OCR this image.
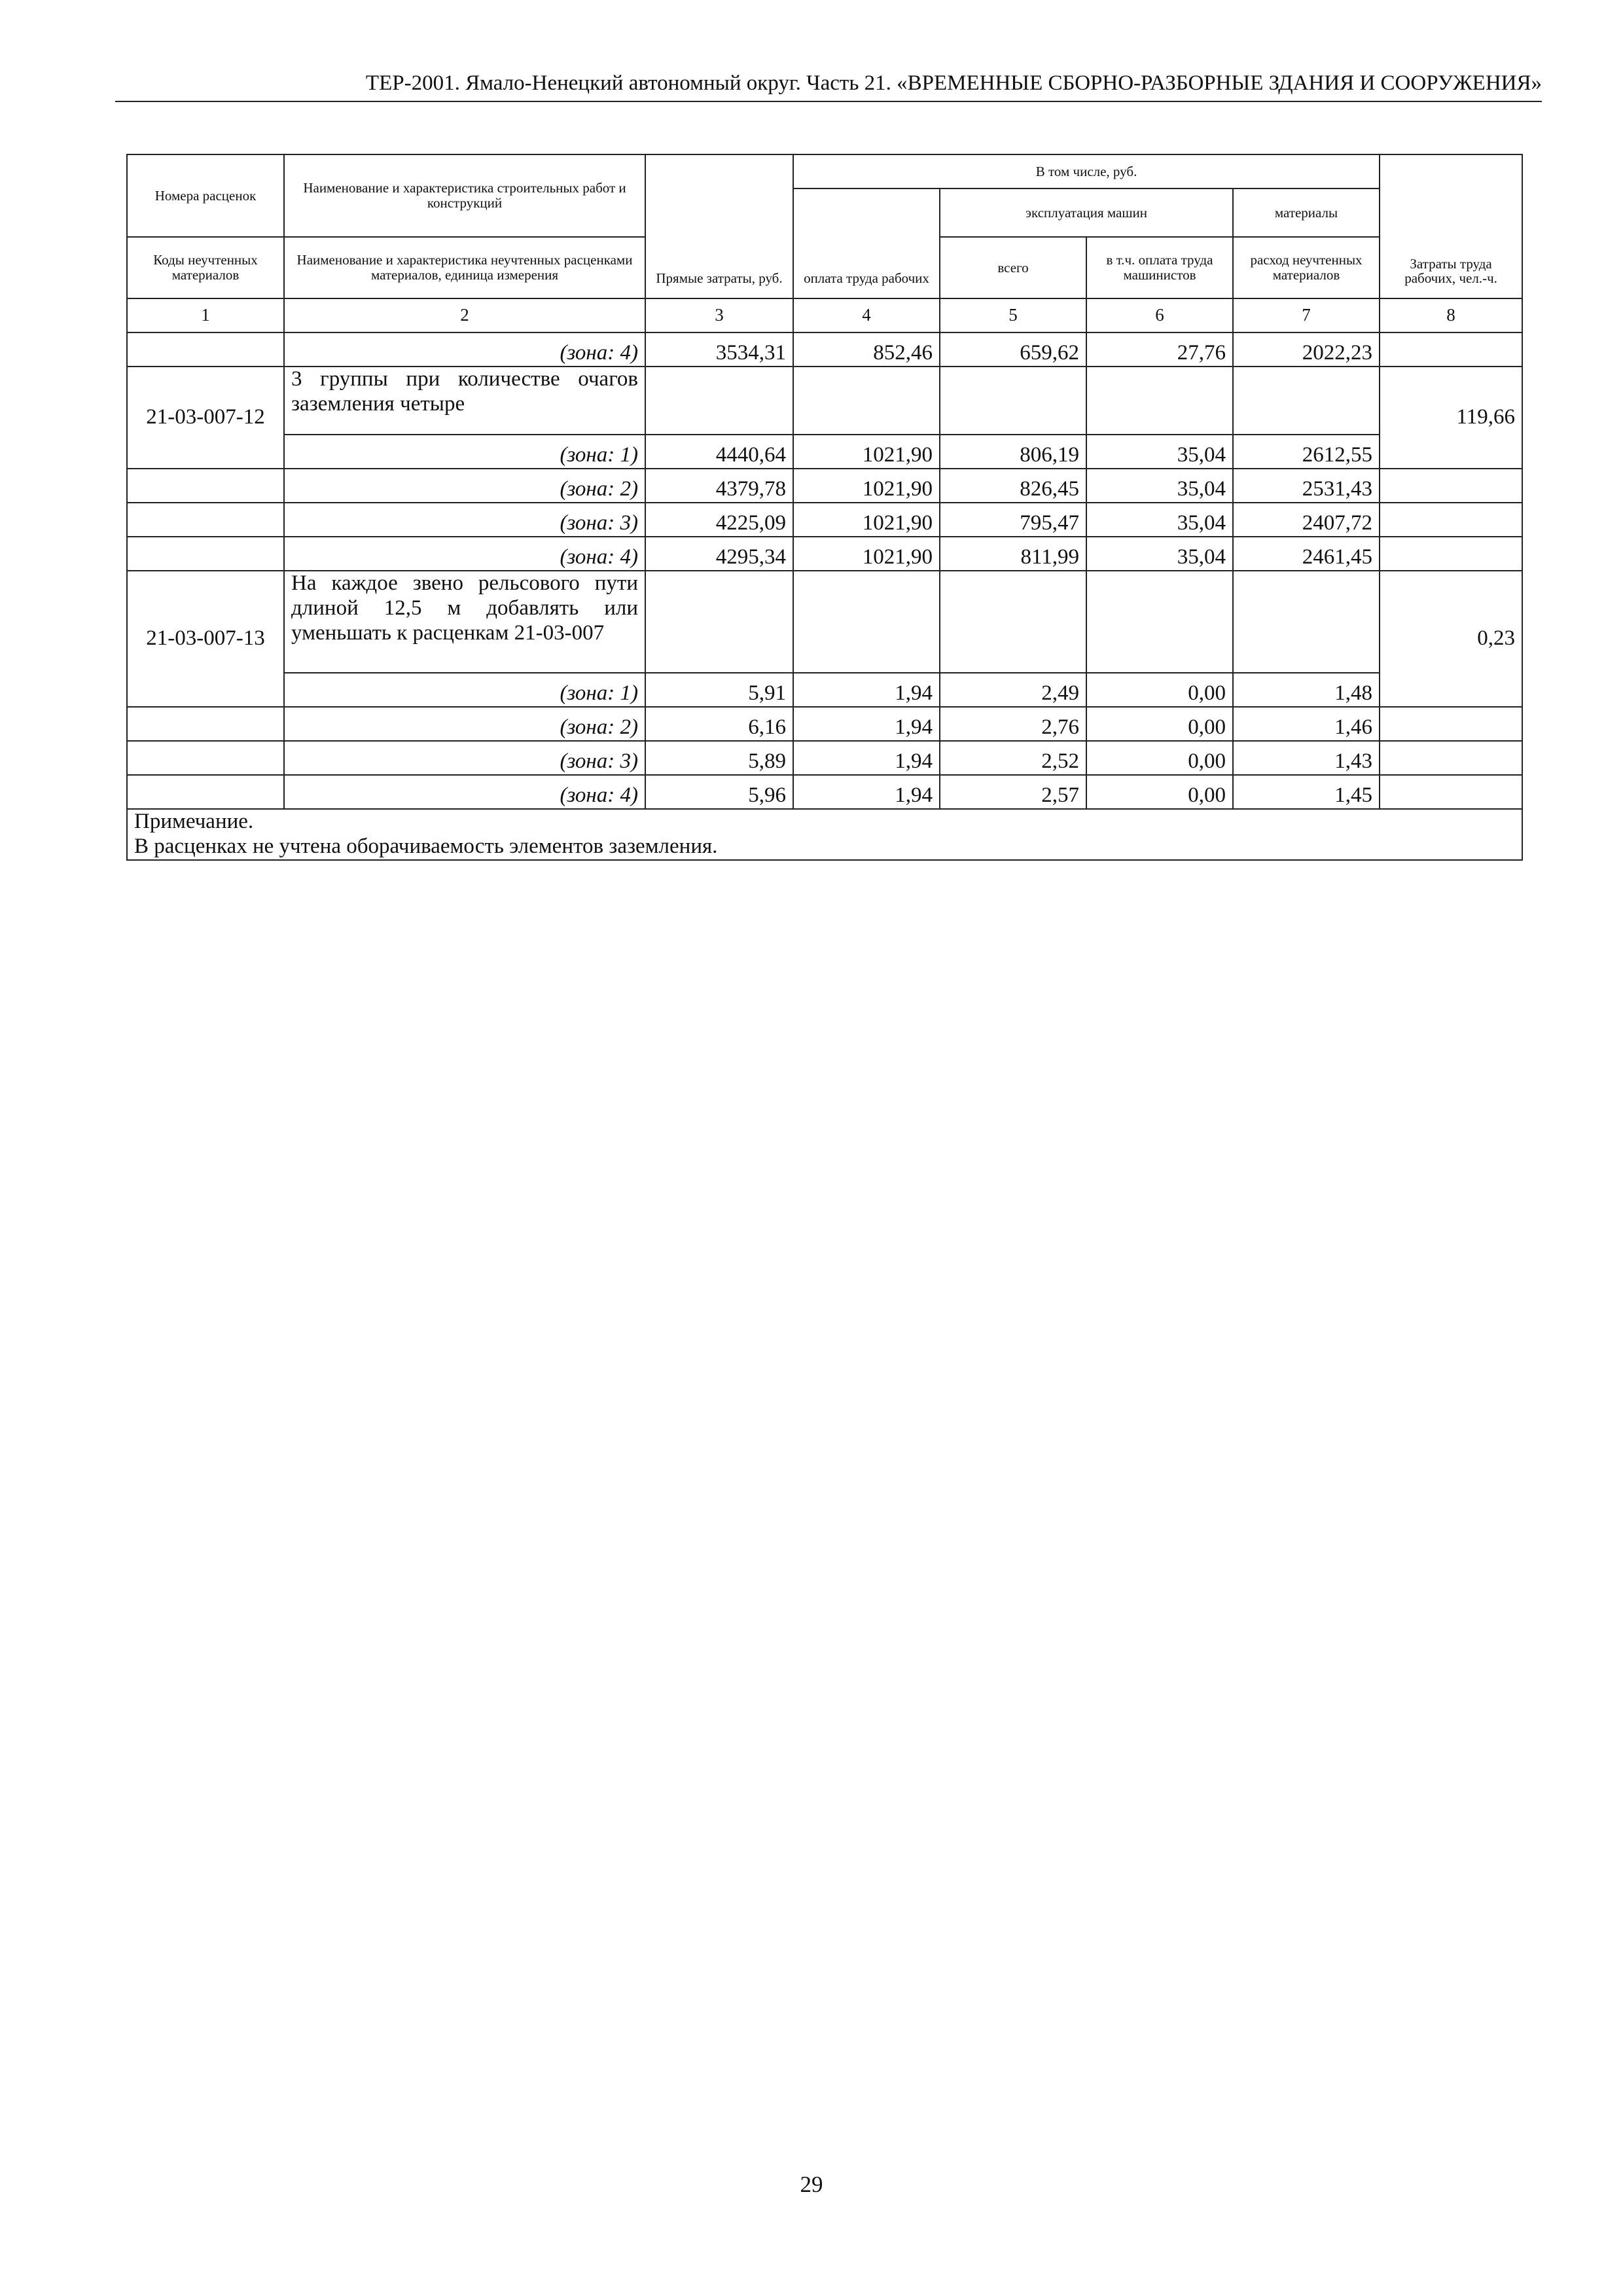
ТЕР-2001. Ямало-Ненецкий автономный округ. Часть 21. «ВРЕМЕННЫЕ СБОРНО-РАЗБОРНЫЕ ЗДАНИЯ И СООРУЖЕНИЯ»
Номера расценок	Наименование и характеристика строительных работ и конструкций	Прямые затраты, руб.	В том числе, руб.				Затраты труда рабочих, чел.-ч.
			оплата труда рабочих	эксплуатация машин		материалы	
Коды неучтенных материалов	Наименование и характеристика неучтенных расценками материалов, единица измерения			всего	в т.ч. оплата труда машинистов	расход неучтенных материалов	
1	2	3	4	5	6	7	8
	(зона: 4)	3534,31	852,46	659,62	27,76	2022,23	
21-03-007-12	3 группы при количестве очагов заземления четыре						119,66
	(зона: 1)	4440,64	1021,90	806,19	35,04	2612,55	
	(зона: 2)	4379,78	1021,90	826,45	35,04	2531,43	
	(зона: 3)	4225,09	1021,90	795,47	35,04	2407,72	
	(зона: 4)	4295,34	1021,90	811,99	35,04	2461,45	
21-03-007-13	На каждое звено рельсового пути длиной 12,5 м добавлять или уменьшать к расценкам 21-03-007						0,23
	(зона: 1)	5,91	1,94	2,49	0,00	1,48	
	(зона: 2)	6,16	1,94	2,76	0,00	1,46	
	(зона: 3)	5,89	1,94	2,52	0,00	1,43	
	(зона: 4)	5,96	1,94	2,57	0,00	1,45	

Примечание.
В расценках не учтена оборачиваемость элементов заземления.							
29
